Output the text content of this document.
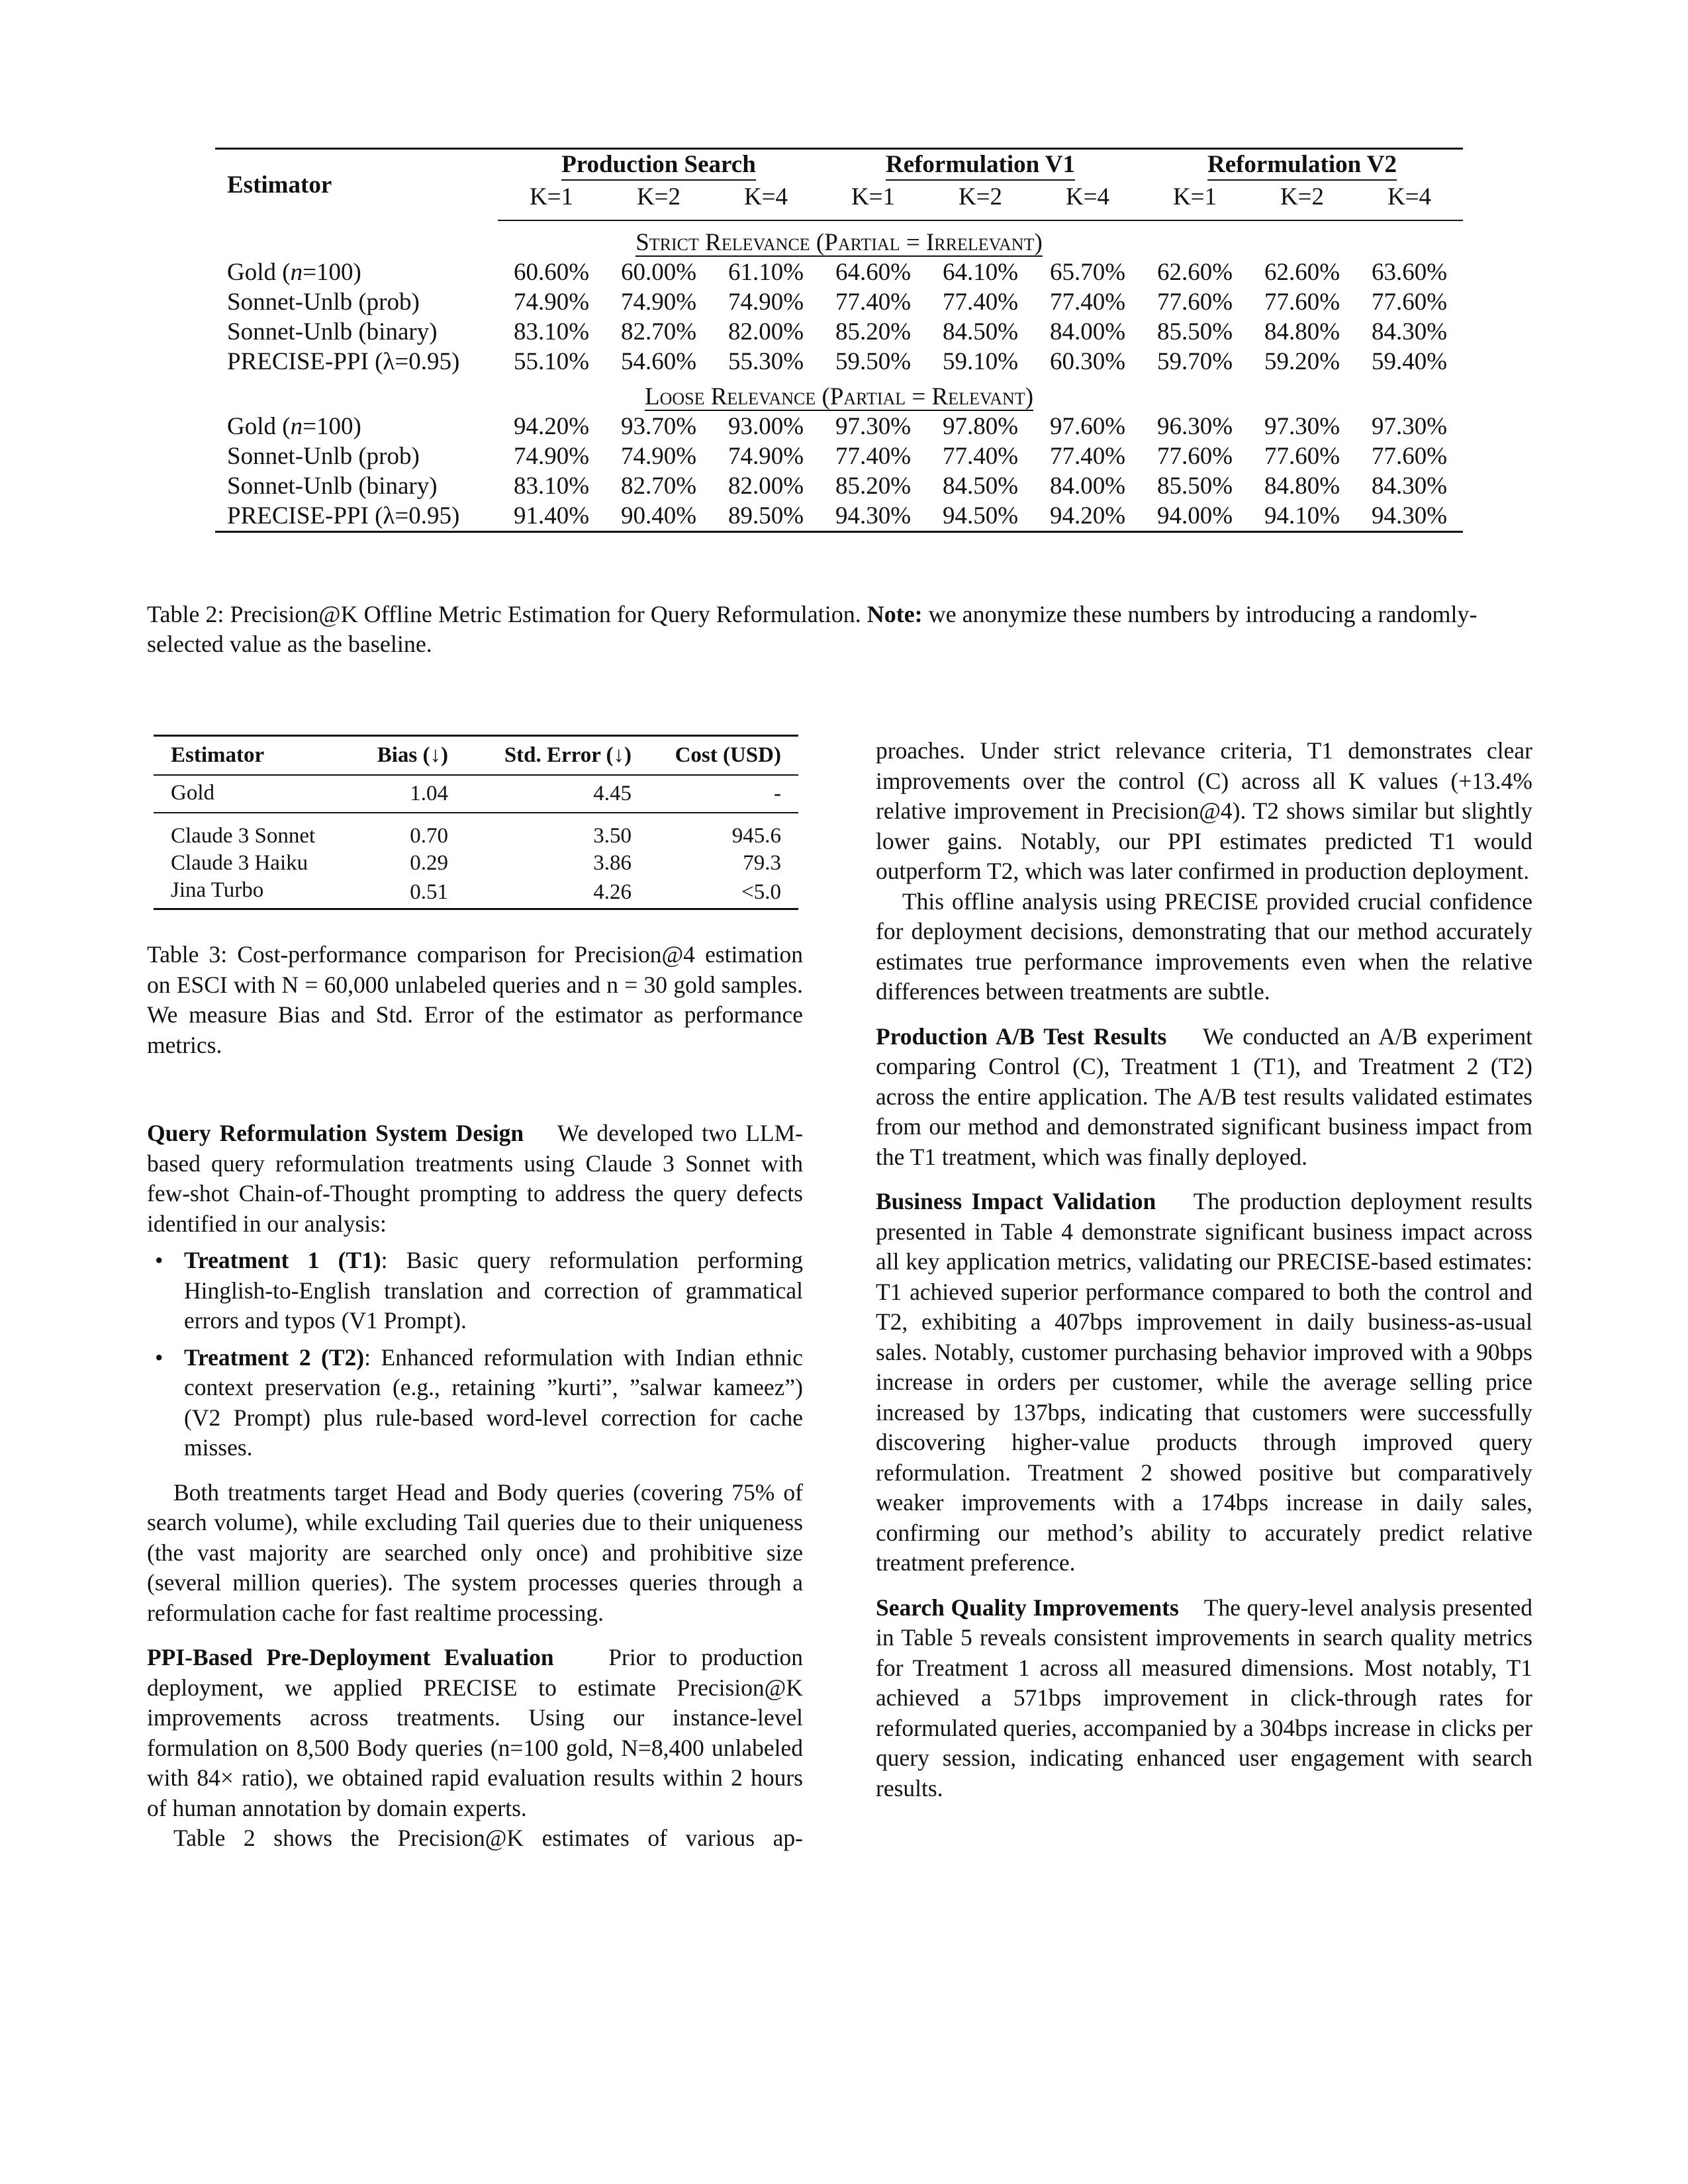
Estimator	Production Search			Reformulation V1			Reformulation V2		
	K=1	K=2	K=4	K=1	K=2	K=4	K=1	K=2	K=4
Strict Relevance (Partial = Irrelevant)									
Gold (n=100)	60.60%	60.00%	61.10%	64.60%	64.10%	65.70%	62.60%	62.60%	63.60%
Sonnet-Unlb (prob)	74.90%	74.90%	74.90%	77.40%	77.40%	77.40%	77.60%	77.60%	77.60%
Sonnet-Unlb (binary)	83.10%	82.70%	82.00%	85.20%	84.50%	84.00%	85.50%	84.80%	84.30%
PRECISE-PPI (λ=0.95)	55.10%	54.60%	55.30%	59.50%	59.10%	60.30%	59.70%	59.20%	59.40%
Loose Relevance (Partial = Relevant)									
Gold (n=100)	94.20%	93.70%	93.00%	97.30%	97.80%	97.60%	96.30%	97.30%	97.30%
Sonnet-Unlb (prob)	74.90%	74.90%	74.90%	77.40%	77.40%	77.40%	77.60%	77.60%	77.60%
Sonnet-Unlb (binary)	83.10%	82.70%	82.00%	85.20%	84.50%	84.00%	85.50%	84.80%	84.30%
PRECISE-PPI (λ=0.95)	91.40%	90.40%	89.50%	94.30%	94.50%	94.20%	94.00%	94.10%	94.30%
Table 2: Precision@K Offline Metric Estimation for Query Reformulation. Note: we anonymize these numbers by introducing a randomly-selected value as the baseline.
Estimator	Bias (↓)	Std. Error (↓)	Cost (USD)
Gold	1.04	4.45	-
Claude 3 Sonnet	0.70	3.50	945.6
Claude 3 Haiku	0.29	3.86	79.3
Jina Turbo	0.51	4.26	<5.0
Table 3: Cost-performance comparison for Precision@4 estimation on ESCI with N = 60,000 unlabeled queries and n = 30 gold samples. We measure Bias and Std. Error of the estimator as performance metrics.

Query Reformulation System Design We developed two LLM-based query reformulation treatments using Claude 3 Sonnet with few-shot Chain-of-Thought prompting to address the query defects identified in our analysis:

• Treatment 1 (T1): Basic query reformulation performing Hinglish-to-English translation and correction of grammatical errors and typos (V1 Prompt).
• Treatment 2 (T2): Enhanced reformulation with Indian ethnic context preservation (e.g., retaining ”kurti”, ”salwar kameez”) (V2 Prompt) plus rule-based word-level correction for cache misses.

Both treatments target Head and Body queries (covering 75% of search volume), while excluding Tail queries due to their uniqueness (the vast majority are searched only once) and prohibitive size (several million queries). The system processes queries through a reformulation cache for fast realtime processing.

PPI-Based Pre-Deployment Evaluation Prior to production deployment, we applied PRECISE to estimate Precision@K improvements across treatments. Using our instance-level formulation on 8,500 Body queries (n=100 gold, N=8,400 unlabeled with 84× ratio), we obtained rapid evaluation results within 2 hours of human annotation by domain experts.

Table 2 shows the Precision@K estimates of various ap-

proaches. Under strict relevance criteria, T1 demonstrates clear improvements over the control (C) across all K values (+13.4% relative improvement in Precision@4). T2 shows similar but slightly lower gains. Notably, our PPI estimates predicted T1 would outperform T2, which was later confirmed in production deployment.

This offline analysis using PRECISE provided crucial confidence for deployment decisions, demonstrating that our method accurately estimates true performance improvements even when the relative differences between treatments are subtle.

Production A/B Test Results We conducted an A/B experiment comparing Control (C), Treatment 1 (T1), and Treatment 2 (T2) across the entire application. The A/B test results validated estimates from our method and demonstrated significant business impact from the T1 treatment, which was finally deployed.

Business Impact Validation The production deployment results presented in Table 4 demonstrate significant business impact across all key application metrics, validating our PRECISE-based estimates: T1 achieved superior performance compared to both the control and T2, exhibiting a 407bps improvement in daily business-as-usual sales. Notably, customer purchasing behavior improved with a 90bps increase in orders per customer, while the average selling price increased by 137bps, indicating that customers were successfully discovering higher-value products through improved query reformulation. Treatment 2 showed positive but comparatively weaker improvements with a 174bps increase in daily sales, confirming our method’s ability to accurately predict relative treatment preference.

Search Quality Improvements The query-level analysis presented in Table 5 reveals consistent improvements in search quality metrics for Treatment 1 across all measured dimensions. Most notably, T1 achieved a 571bps improvement in click-through rates for reformulated queries, accompanied by a 304bps increase in clicks per query session, indicating enhanced user engagement with search results.
